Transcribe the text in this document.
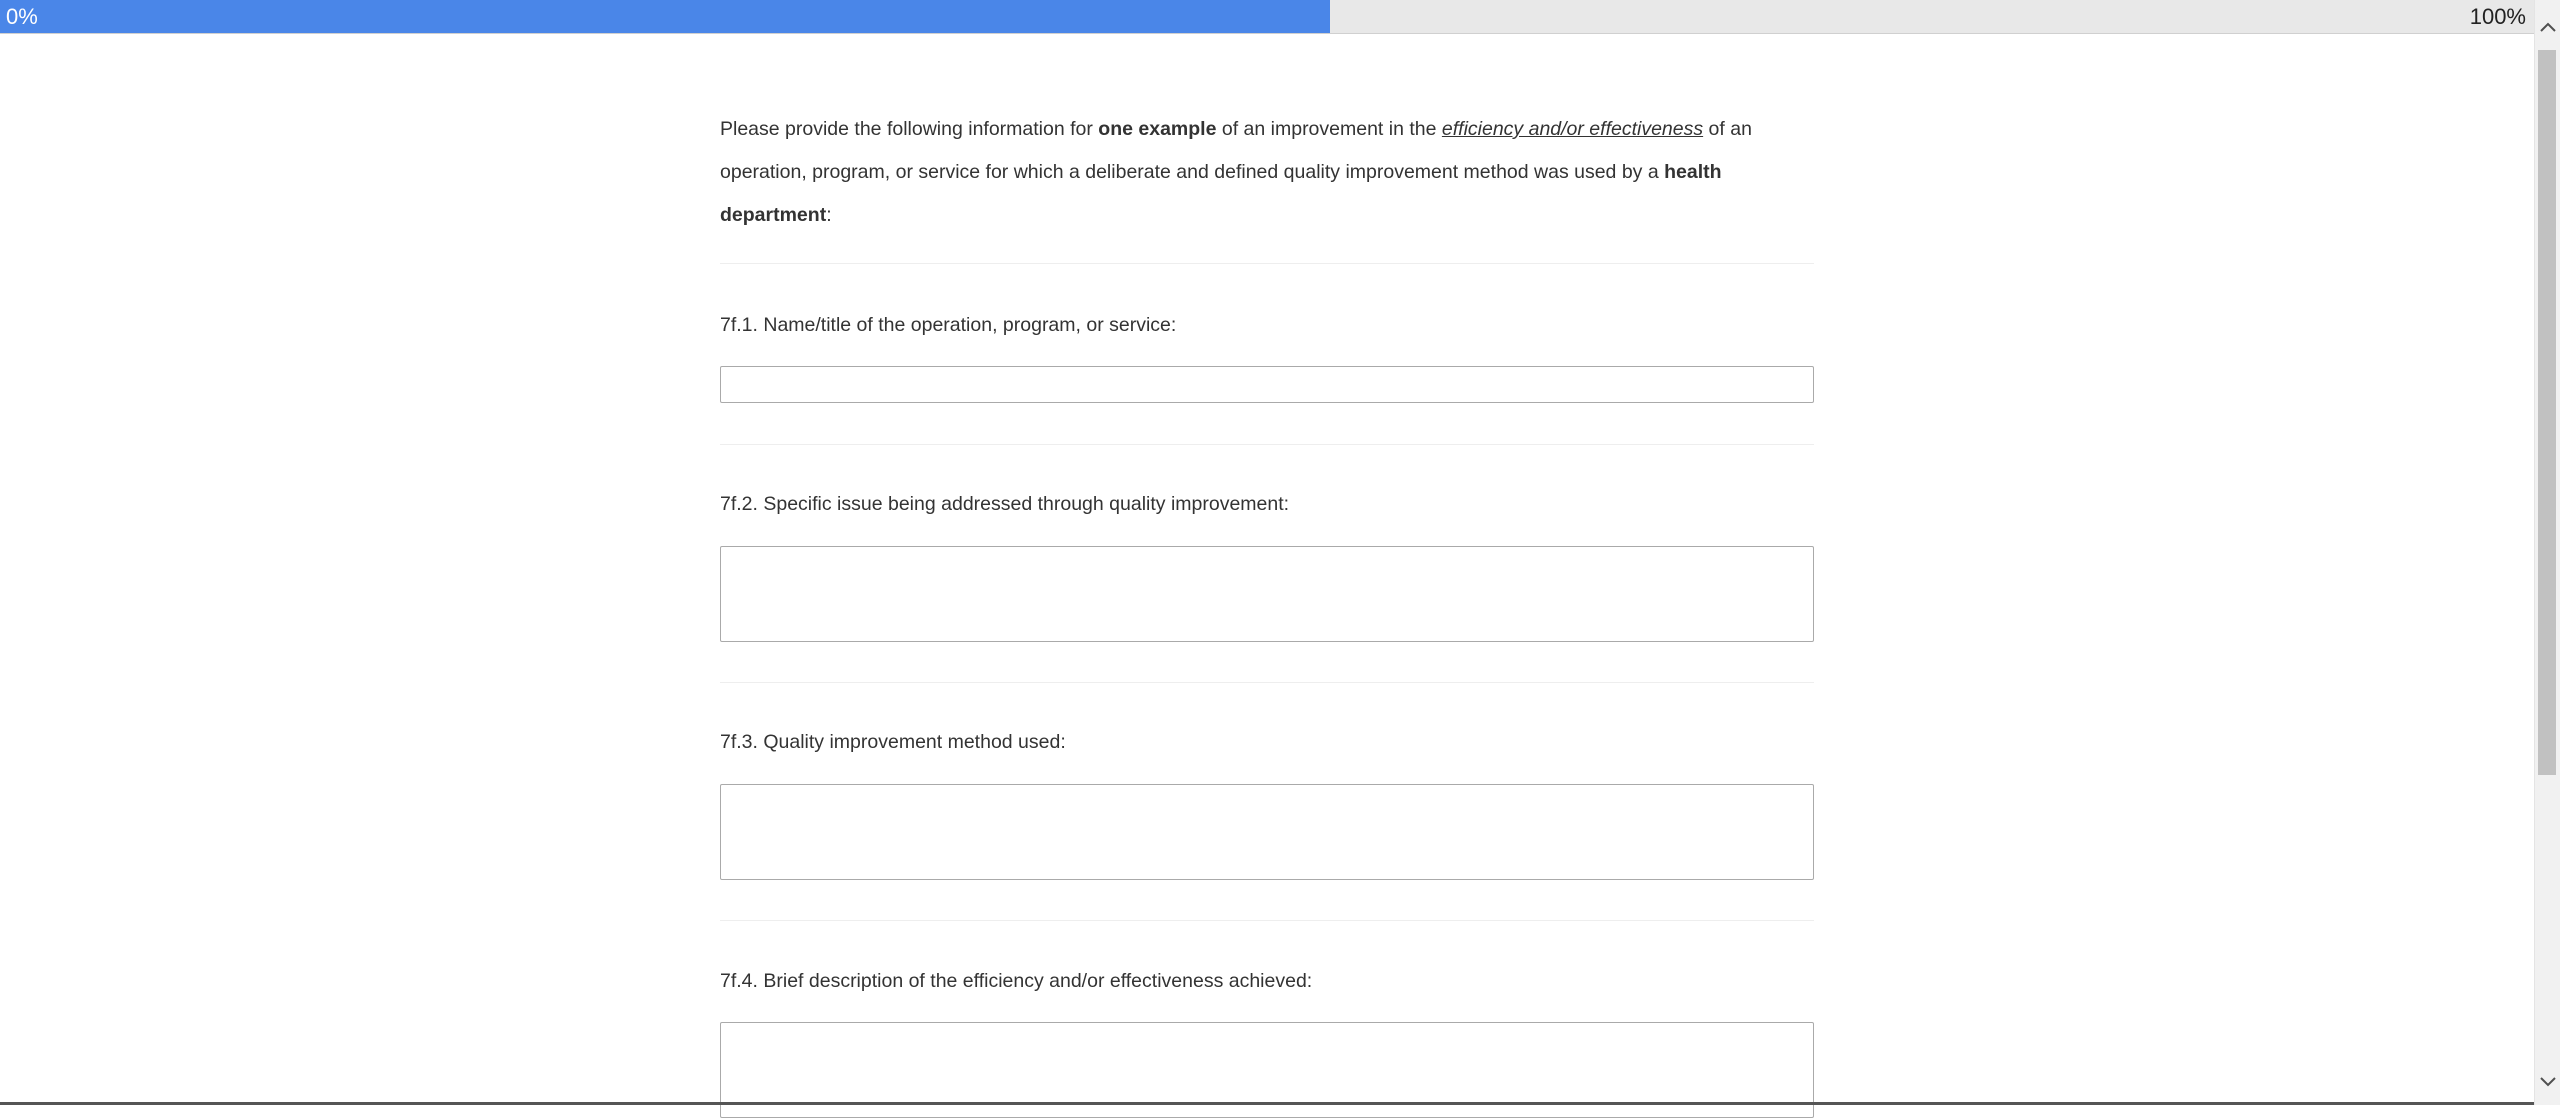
0%	100%
Please provide the following information for one example of an improvement in the efficiency and/or effectiveness of an operation, program, or service for which a deliberate and defined quality improvement method was used by a health department:
7f.1. Name/title of the operation, program, or service:
7f.2. Specific issue being addressed through quality improvement:
7f.3. Quality improvement method used:
7f.4. Brief description of the efficiency and/or effectiveness achieved:
